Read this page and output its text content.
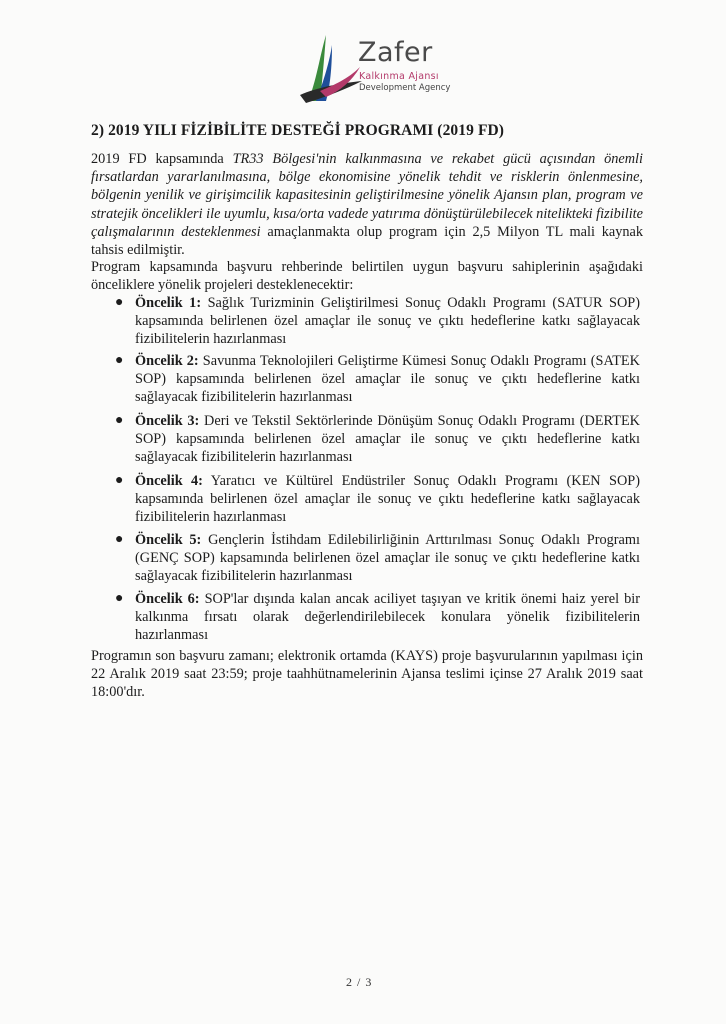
Zafer
Kalkınma Ajansı
Development Agency
2) 2019 YILI FİZİBİLİTE DESTEĞİ PROGRAMI (2019 FD)
2019 FD kapsamında TR33 Bölgesi'nin kalkınmasına ve rekabet gücü açısından önemli fırsatlardan yararlanılmasına, bölge ekonomisine yönelik tehdit ve risklerin önlenmesine, bölgenin yenilik ve girişimcilik kapasitesinin geliştirilmesine yönelik Ajansın plan, program ve stratejik öncelikleri ile uyumlu, kısa/orta vadede yatırıma dönüştürülebilecek nitelikteki fizibilite çalışmalarının desteklenmesi amaçlanmakta olup program için 2,5 Milyon TL mali kaynak tahsis edilmiştir.
Program kapsamında başvuru rehberinde belirtilen uygun başvuru sahiplerinin aşağıdaki önceliklere yönelik projeleri desteklenecektir:
● Öncelik 1: Sağlık Turizminin Geliştirilmesi Sonuç Odaklı Programı (SATUR SOP) kapsamında belirlenen özel amaçlar ile sonuç ve çıktı hedeflerine katkı sağlayacak fizibilitelerin hazırlanması
● Öncelik 2: Savunma Teknolojileri Geliştirme Kümesi Sonuç Odaklı Programı (SATEK SOP) kapsamında belirlenen özel amaçlar ile sonuç ve çıktı hedeflerine katkı sağlayacak fizibilitelerin hazırlanması
● Öncelik 3: Deri ve Tekstil Sektörlerinde Dönüşüm Sonuç Odaklı Programı (DERTEK SOP) kapsamında belirlenen özel amaçlar ile sonuç ve çıktı hedeflerine katkı sağlayacak fizibilitelerin hazırlanması
● Öncelik 4: Yaratıcı ve Kültürel Endüstriler Sonuç Odaklı Programı (KEN SOP) kapsamında belirlenen özel amaçlar ile sonuç ve çıktı hedeflerine katkı sağlayacak fizibilitelerin hazırlanması
● Öncelik 5: Gençlerin İstihdam Edilebilirliğinin Arttırılması Sonuç Odaklı Programı (GENÇ SOP) kapsamında belirlenen özel amaçlar ile sonuç ve çıktı hedeflerine katkı sağlayacak fizibilitelerin hazırlanması
● Öncelik 6: SOP'lar dışında kalan ancak aciliyet taşıyan ve kritik önemi haiz yerel bir kalkınma fırsatı olarak değerlendirilebilecek konulara yönelik fizibilitelerin hazırlanması
Programın son başvuru zamanı; elektronik ortamda (KAYS) proje başvurularının yapılması için 22 Aralık 2019 saat 23:59; proje taahhütnamelerinin Ajansa teslimi içinse 27 Aralık 2019 saat 18:00'dır.
2 / 3
